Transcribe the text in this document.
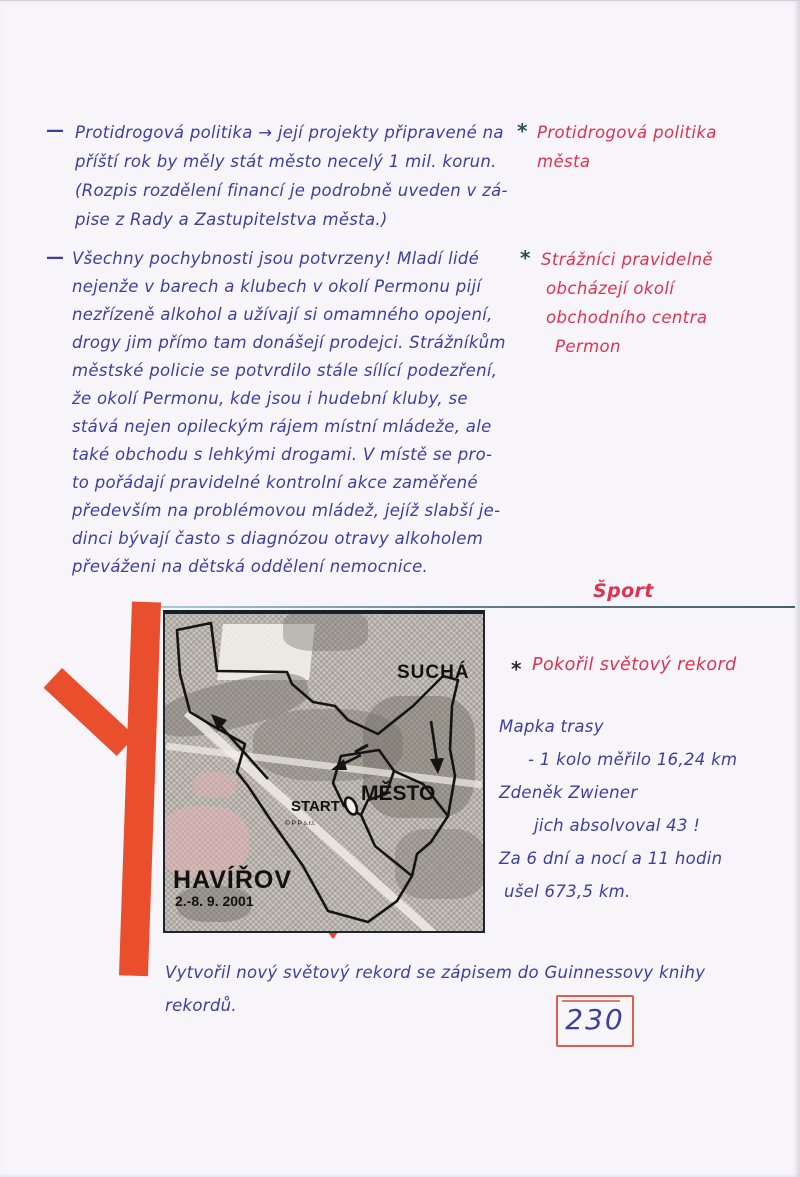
— Protidrogová politika → její projekty připravené na
příští rok by měly stát město necelý 1 mil. korun.
(Rozpis rozdělení financí je podrobně uveden v zá-
pise z Rady a Zastupitelstva města.)
* Protidrogová politika
města
— Všechny pochybnosti jsou potvrzeny! Mladí lidé
nejenže v barech a klubech v okolí Permonu pijí
nezřízeně alkohol a užívají si omamného opojení,
drogy jim přímo tam donášejí prodejci. Strážníkům
městské policie se potvrdilo stále sílící podezření,
že okolí Permonu, kde jsou i hudební kluby, se
stává nejen opileckým rájem místní mládeže, ale
také obchodu s lehkými drogami. V místě se pro-
to pořádají pravidelné kontrolní akce zaměřené
především na problémovou mládež, jejíž slabší je-
dinci bývají často s diagnózou otravy alkoholem
převáženi na dětská oddělení nemocnice.
* Strážníci pravidelně
obcházejí okolí
obchodního centra
Permon
Šport
SUCHÁ
MĚSTO
START
© P P s.r.l.
HAVÍŘOV
2.-8. 9. 2001
* Pokořil světový rekord
Mapka trasy
- 1 kolo měřilo 16,24 km
Zdeněk Zwiener
jich absolvoval 43 !
Za 6 dní a nocí a 11 hodin
ušel 673,5 km.
Vytvořil nový světový rekord se zápisem do Guinnessovy knihy
rekordů.	230
